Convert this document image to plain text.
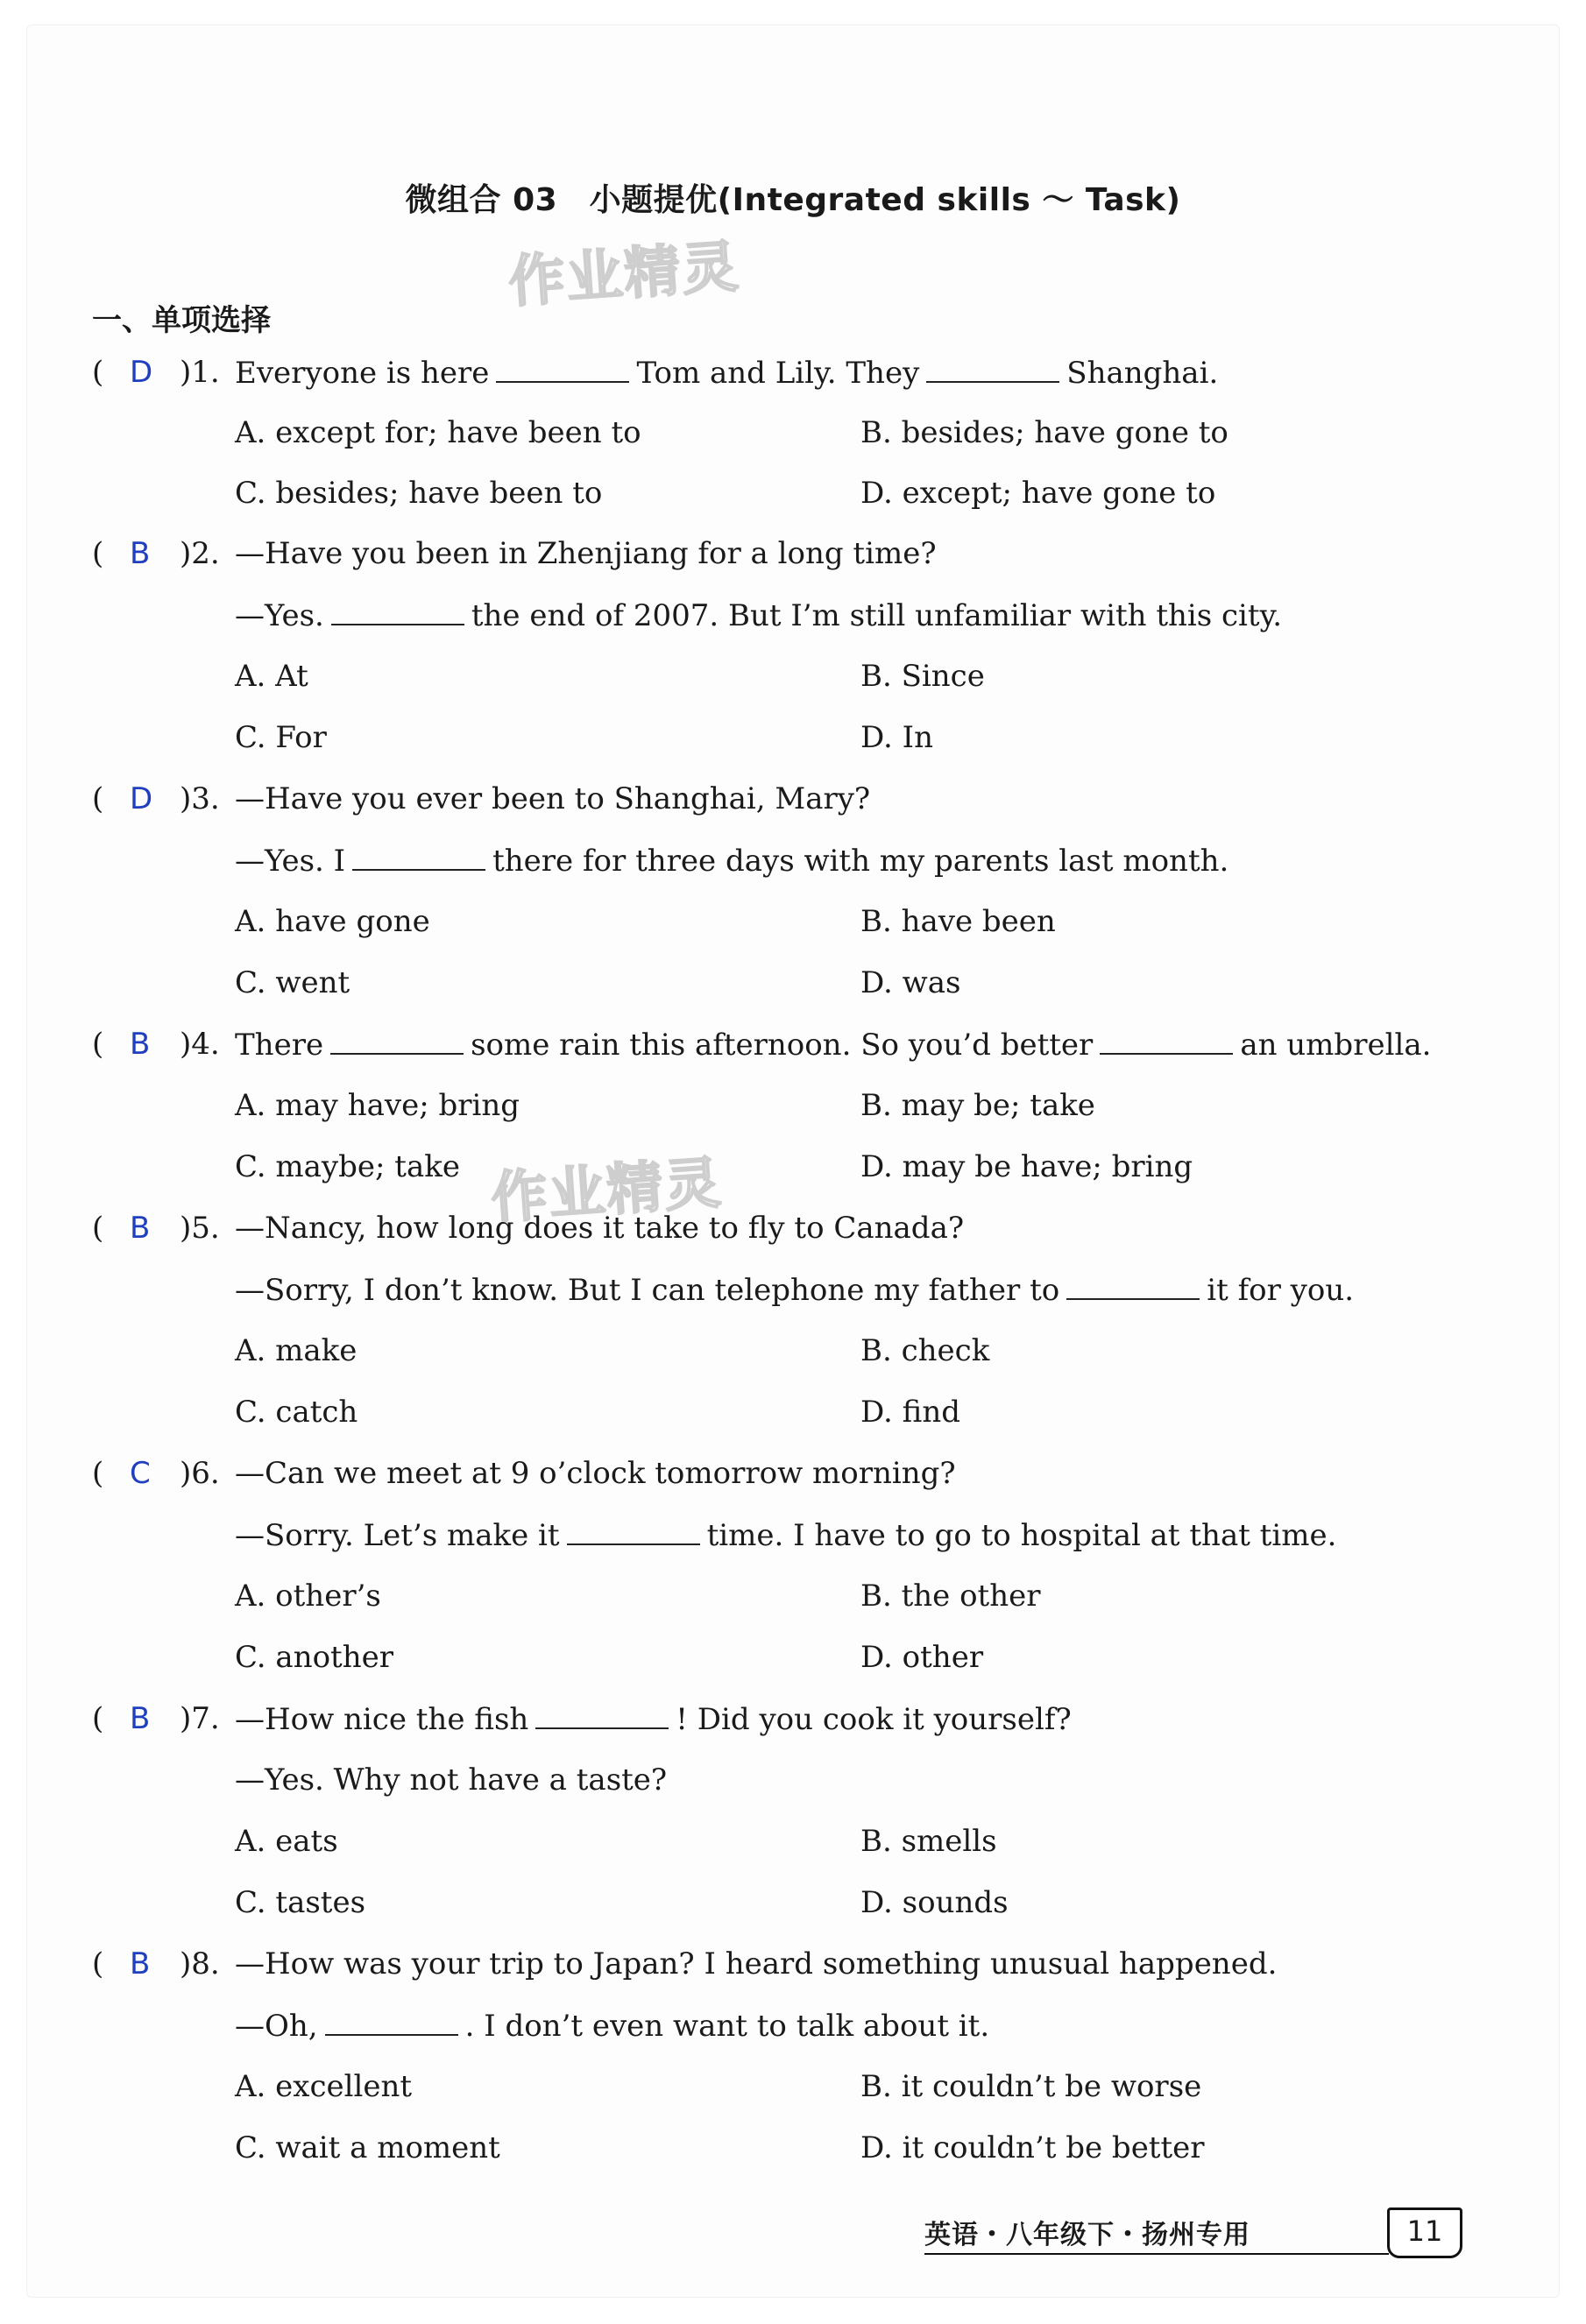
微组合 03　小题提优(Integrated skills ～ Task)
作业精灵
作业精灵
一、单项选择
( D )1. Everyone is here	Tom and Lily. They	Shanghai.
A. except for; have been to	B. besides; have gone to
C. besides; have been to	D. except; have gone to
( B )2. —Have you been in Zhenjiang for a long time?
—Yes.	the end of 2007. But I’m still unfamiliar with this city.
A. At	B. Since
C. For	D. In
( D )3. —Have you ever been to Shanghai, Mary?
—Yes. I	there for three days with my parents last month.
A. have gone	B. have been
C. went	D. was
( B )4. There	some rain this afternoon. So you’d better	an umbrella.
A. may have; bring	B. may be; take
C. maybe; take	D. may be have; bring
( B )5. —Nancy, how long does it take to fly to Canada?
—Sorry, I don’t know. But I can telephone my father to	it for you.
A. make	B. check
C. catch	D. find
( C )6. —Can we meet at 9 o’clock tomorrow morning?
—Sorry. Let’s make it	time. I have to go to hospital at that time.
A. other’s	B. the other
C. another	D. other
( B )7. —How nice the fish	! Did you cook it yourself?
—Yes. Why not have a taste?
A. eats	B. smells
C. tastes	D. sounds
( B )8. —How was your trip to Japan? I heard something unusual happened.
—Oh,	. I don’t even want to talk about it.
A. excellent	B. it couldn’t be worse
C. wait a moment	D. it couldn’t be better
英语・八年级下・扬州专用	11
